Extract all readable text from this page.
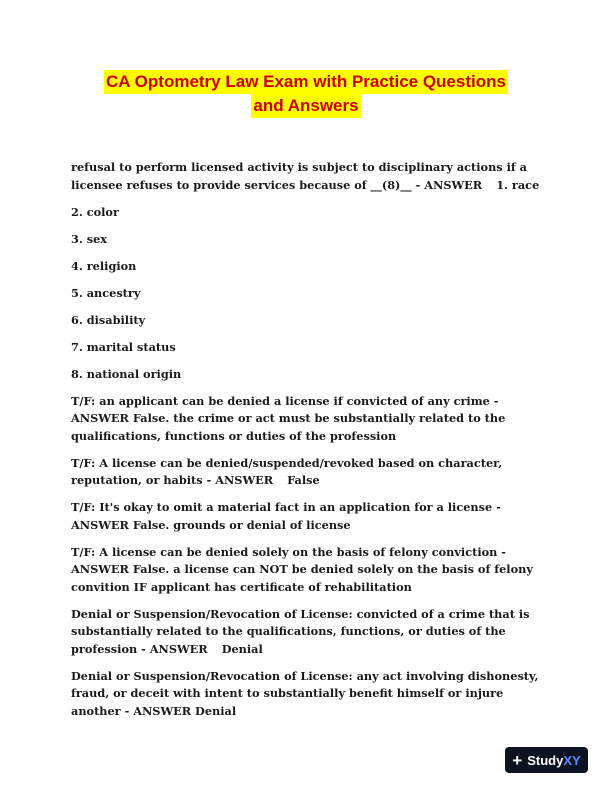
CA Optometry Law Exam with Practice Questions
and Answers

refusal to perform licensed activity is subject to disciplinary actions if a licensee refuses to provide services because of __(8)__ - ANSWER 1. race

2. color

3. sex

4. religion

5. ancestry

6. disability

7. marital status

8. national origin

T/F: an applicant can be denied a license if convicted of any crime - ANSWER False. the crime or act must be substantially related to the qualifications, functions or duties of the profession

T/F: A license can be denied/suspended/revoked based on character, reputation, or habits - ANSWER False

T/F: It's okay to omit a material fact in an application for a license - ANSWER False. grounds or denial of license

T/F: A license can be denied solely on the basis of felony conviction - ANSWER False. a license can NOT be denied solely on the basis of felony convition IF applicant has certificate of rehabilitation

Denial or Suspension/Revocation of License: convicted of a crime that is substantially related to the qualifications, functions, or duties of the profession - ANSWER Denial

Denial or Suspension/Revocation of License: any act involving dishonesty, fraud, or deceit with intent to substantially benefit himself or injure another - ANSWER Denial

+ Study XY
